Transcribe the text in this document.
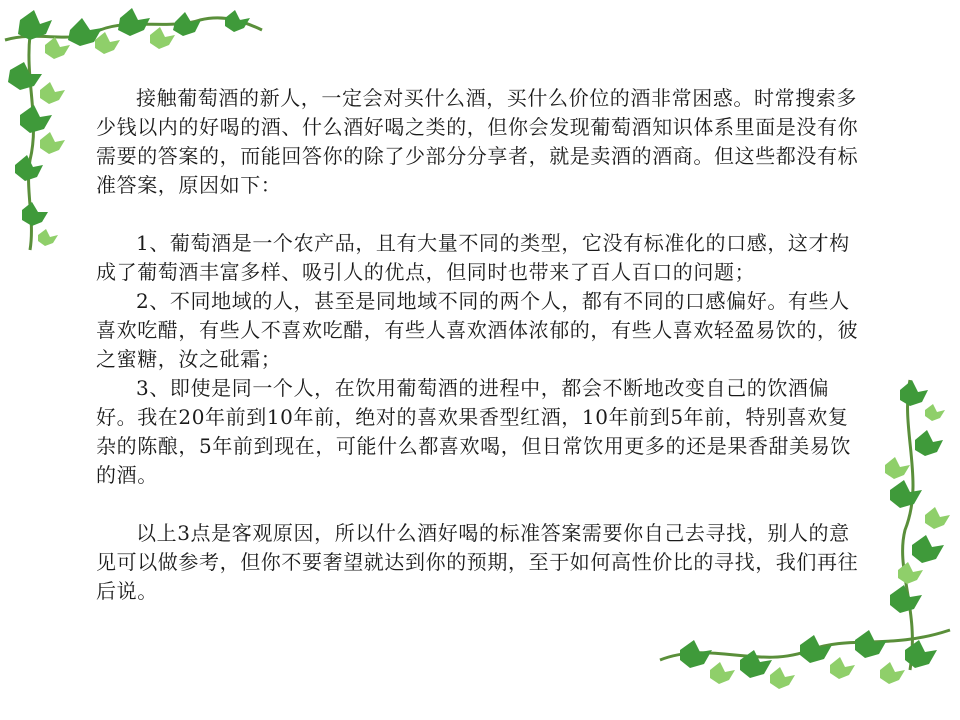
接触葡萄酒的新人，一定会对买什么酒，买什么价位的酒非常困惑。时常搜索多少钱以内的好喝的酒、什么酒好喝之类的，但你会发现葡萄酒知识体系里面是没有你需要的答案的，而能回答你的除了少部分分享者，就是卖酒的酒商。但这些都没有标准答案，原因如下：

1、葡萄酒是一个农产品，且有大量不同的类型，它没有标准化的口感，这才构成了葡萄酒丰富多样、吸引人的优点，但同时也带来了百人百口的问题；

2、不同地域的人，甚至是同地域不同的两个人，都有不同的口感偏好。有些人喜欢吃醋，有些人不喜欢吃醋，有些人喜欢酒体浓郁的，有些人喜欢轻盈易饮的，彼之蜜糖，汝之砒霜；

3、即使是同一个人，在饮用葡萄酒的进程中，都会不断地改变自己的饮酒偏好。我在20年前到10年前，绝对的喜欢果香型红酒，10年前到5年前，特别喜欢复杂的陈酿，5年前到现在，可能什么都喜欢喝，但日常饮用更多的还是果香甜美易饮的酒。

以上3点是客观原因，所以什么酒好喝的标准答案需要你自己去寻找，别人的意见可以做参考，但你不要奢望就达到你的预期，至于如何高性价比的寻找，我们再往后说。
